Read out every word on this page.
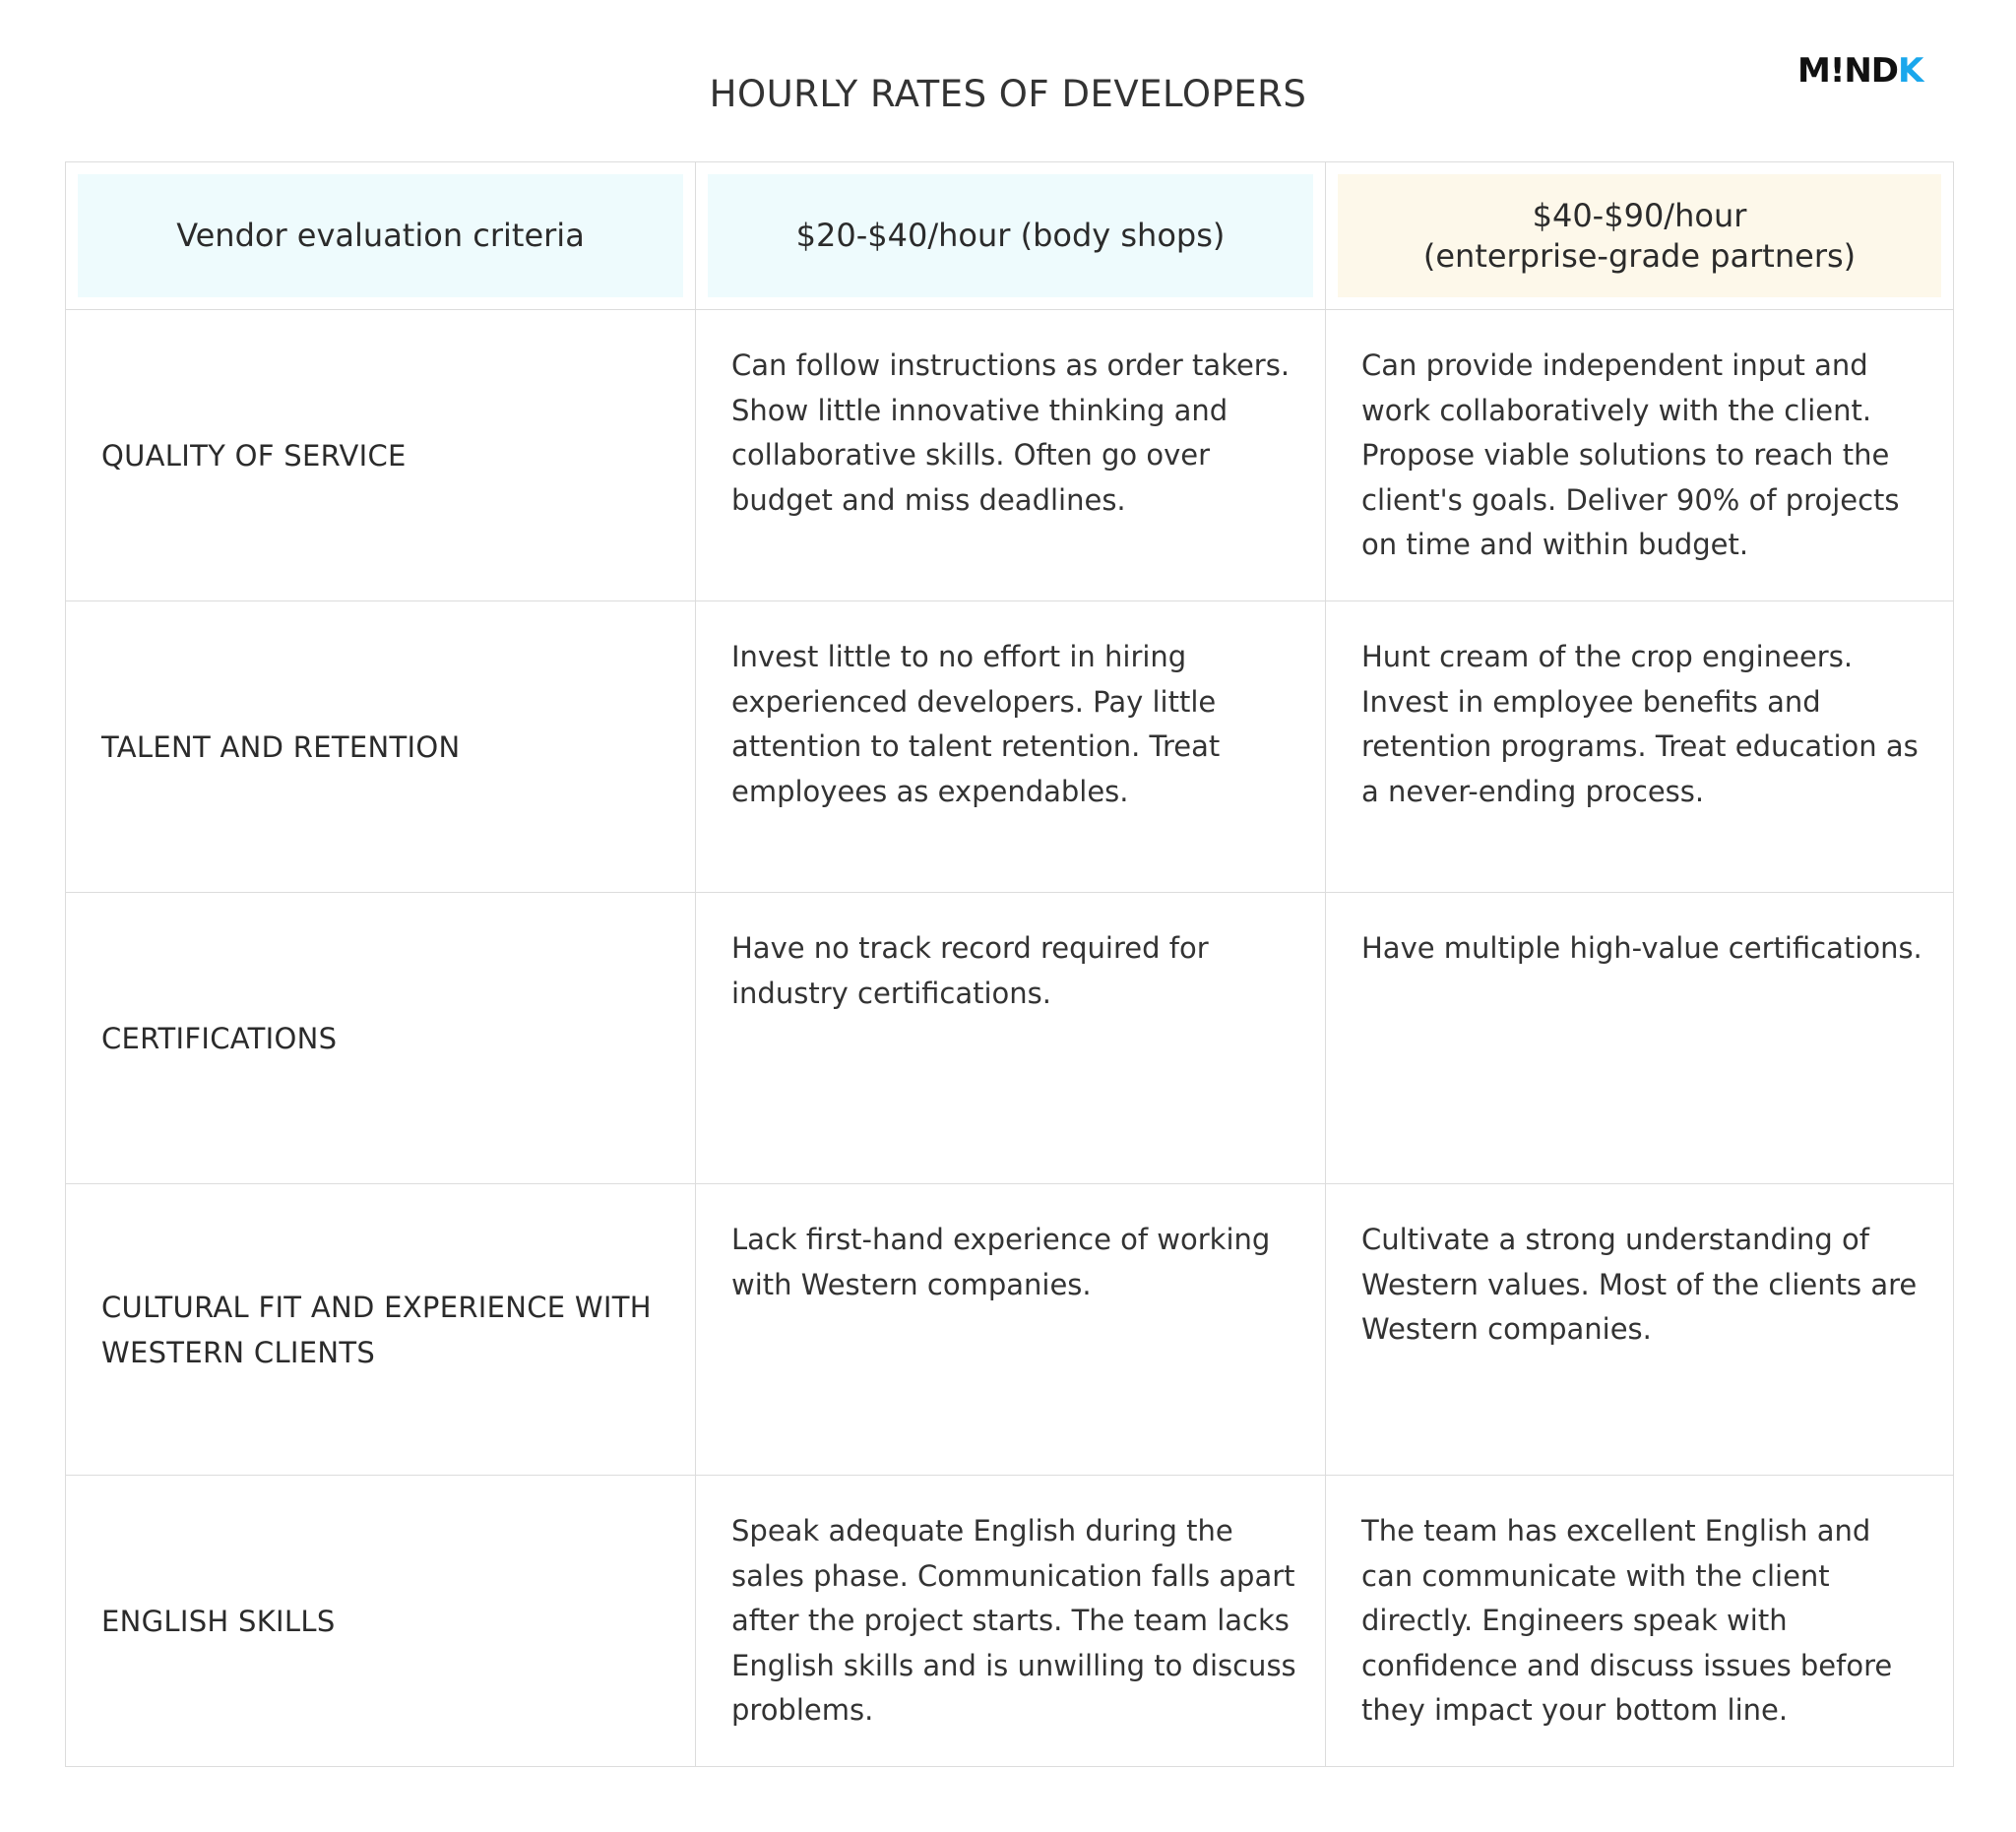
HOURLY RATES OF DEVELOPERS
M!ND K
Vendor evaluation criteria	$20-$40/hour (body shops)
$40-$90/hour
(enterprise-grade partners)
QUALITY OF SERVICE
Can follow instructions as order takers. Show little innovative thinking and collaborative skills. Often go over budget and miss deadlines.
Can provide independent input and work collaboratively with the client. Propose viable solutions to reach the client's goals. Deliver 90% of projects on time and within budget.
TALENT AND RETENTION
Invest little to no effort in hiring experienced developers. Pay little attention to talent retention. Treat employees as expendables.
Hunt cream of the crop engineers. Invest in employee benefits and retention programs. Treat education as a never-ending process.
CERTIFICATIONS
Have no track record required for industry certifications.
Have multiple high-value certifications.
CULTURAL FIT AND EXPERIENCE WITH WESTERN CLIENTS
Lack first-hand experience of working with Western companies.
Cultivate a strong understanding of Western values. Most of the clients are Western companies.
ENGLISH SKILLS
Speak adequate English during the sales phase. Communication falls apart after the project starts. The team lacks English skills and is unwilling to discuss problems.
The team has excellent English and can communicate with the client directly. Engineers speak with confidence and discuss issues before they impact your bottom line.
